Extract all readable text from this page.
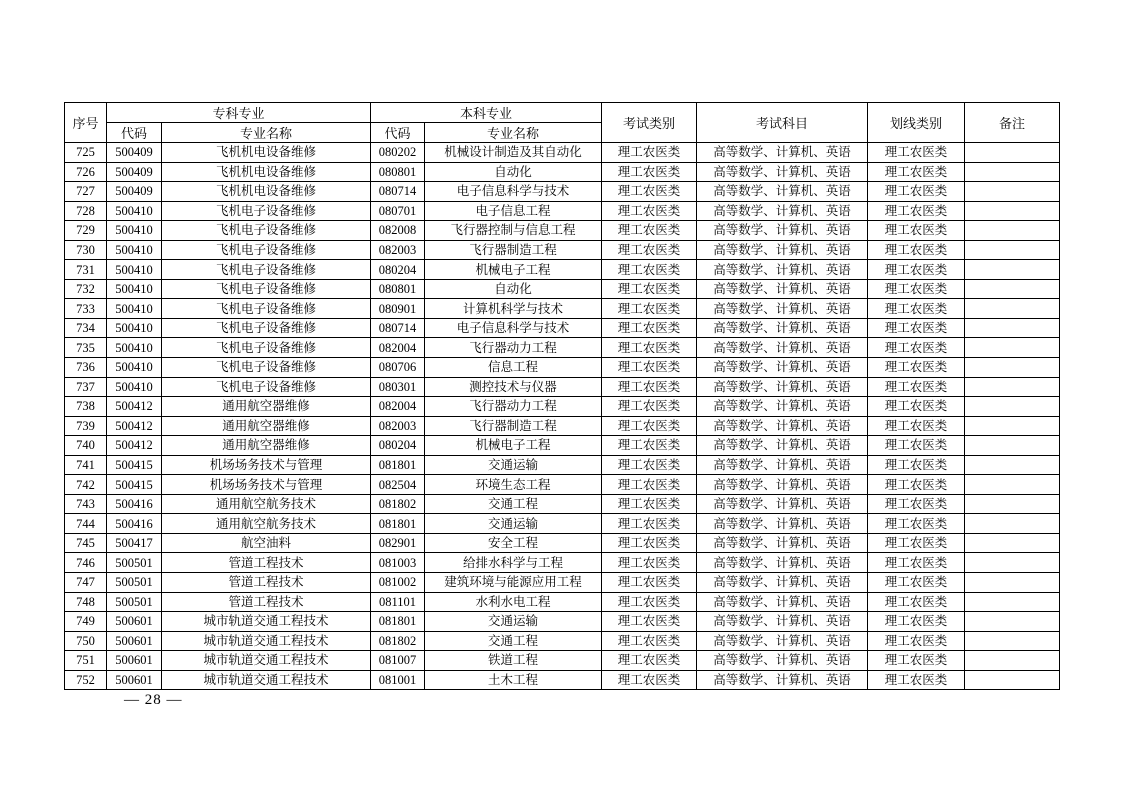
序号	专科专业		本科专业		考试类别	考试科目	划线类别	备注
	代码	专业名称	代码	专业名称				
725	500409	飞机机电设备维修	080202	机械设计制造及其自动化	理工农医类	高等数学、计算机、英语	理工农医类	
726	500409	飞机机电设备维修	080801	自动化	理工农医类	高等数学、计算机、英语	理工农医类	
727	500409	飞机机电设备维修	080714	电子信息科学与技术	理工农医类	高等数学、计算机、英语	理工农医类	
728	500410	飞机电子设备维修	080701	电子信息工程	理工农医类	高等数学、计算机、英语	理工农医类	
729	500410	飞机电子设备维修	082008	飞行器控制与信息工程	理工农医类	高等数学、计算机、英语	理工农医类	
730	500410	飞机电子设备维修	082003	飞行器制造工程	理工农医类	高等数学、计算机、英语	理工农医类	
731	500410	飞机电子设备维修	080204	机械电子工程	理工农医类	高等数学、计算机、英语	理工农医类	
732	500410	飞机电子设备维修	080801	自动化	理工农医类	高等数学、计算机、英语	理工农医类	
733	500410	飞机电子设备维修	080901	计算机科学与技术	理工农医类	高等数学、计算机、英语	理工农医类	
734	500410	飞机电子设备维修	080714	电子信息科学与技术	理工农医类	高等数学、计算机、英语	理工农医类	
735	500410	飞机电子设备维修	082004	飞行器动力工程	理工农医类	高等数学、计算机、英语	理工农医类	
736	500410	飞机电子设备维修	080706	信息工程	理工农医类	高等数学、计算机、英语	理工农医类	
737	500410	飞机电子设备维修	080301	测控技术与仪器	理工农医类	高等数学、计算机、英语	理工农医类	
738	500412	通用航空器维修	082004	飞行器动力工程	理工农医类	高等数学、计算机、英语	理工农医类	
739	500412	通用航空器维修	082003	飞行器制造工程	理工农医类	高等数学、计算机、英语	理工农医类	
740	500412	通用航空器维修	080204	机械电子工程	理工农医类	高等数学、计算机、英语	理工农医类	
741	500415	机场场务技术与管理	081801	交通运输	理工农医类	高等数学、计算机、英语	理工农医类	
742	500415	机场场务技术与管理	082504	环境生态工程	理工农医类	高等数学、计算机、英语	理工农医类	
743	500416	通用航空航务技术	081802	交通工程	理工农医类	高等数学、计算机、英语	理工农医类	
744	500416	通用航空航务技术	081801	交通运输	理工农医类	高等数学、计算机、英语	理工农医类	
745	500417	航空油料	082901	安全工程	理工农医类	高等数学、计算机、英语	理工农医类	
746	500501	管道工程技术	081003	给排水科学与工程	理工农医类	高等数学、计算机、英语	理工农医类	
747	500501	管道工程技术	081002	建筑环境与能源应用工程	理工农医类	高等数学、计算机、英语	理工农医类	
748	500501	管道工程技术	081101	水利水电工程	理工农医类	高等数学、计算机、英语	理工农医类	
749	500601	城市轨道交通工程技术	081801	交通运输	理工农医类	高等数学、计算机、英语	理工农医类	
750	500601	城市轨道交通工程技术	081802	交通工程	理工农医类	高等数学、计算机、英语	理工农医类	
751	500601	城市轨道交通工程技术	081007	铁道工程	理工农医类	高等数学、计算机、英语	理工农医类	
752	500601	城市轨道交通工程技术	081001	土木工程	理工农医类	高等数学、计算机、英语	理工农医类	
— 28 —
